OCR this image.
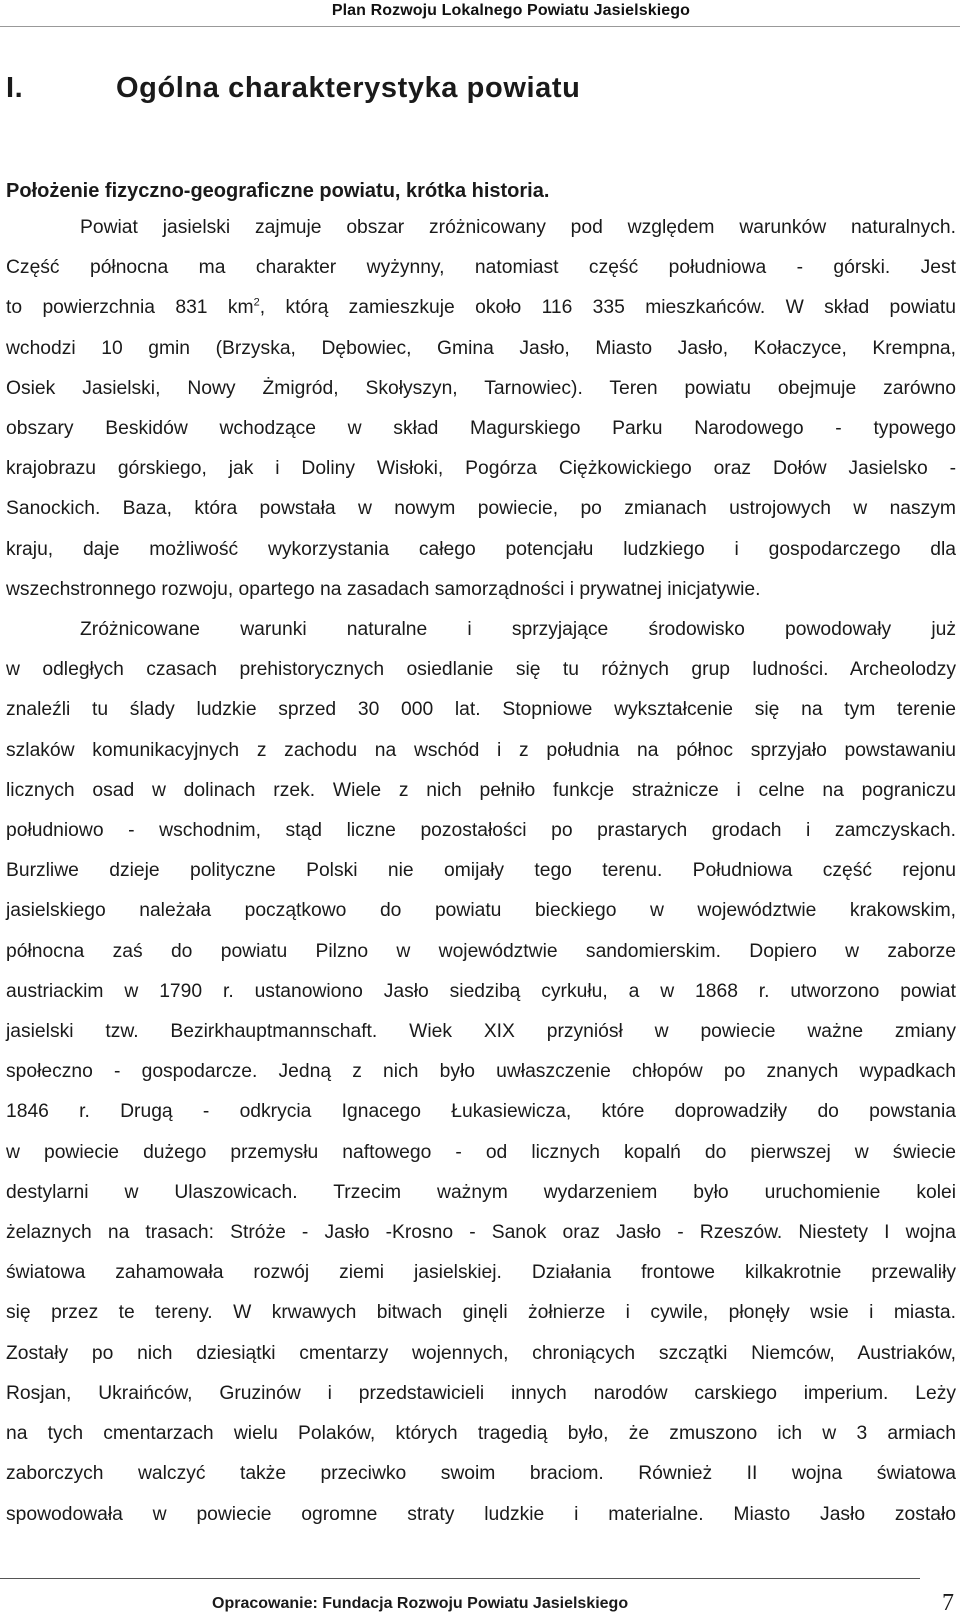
Plan Rozwoju Lokalnego Powiatu Jasielskiego
I.	Ogólna charakterystyka powiatu
Położenie fizyczno-geograficzne powiatu, krótka historia.

Powiat jasielski zajmuje obszar zróżnicowany pod względem warunków naturalnych.
Część północna ma charakter wyżynny, natomiast część południowa - górski. Jest
to powierzchnia 831 $km^2$, którą zamieszkuje około 116 335 mieszkańców. W skład powiatu
wchodzi 10 gmin (Brzyska, Dębowiec, Gmina Jasło, Miasto Jasło, Kołaczyce, Krempna,
Osiek Jasielski, Nowy Żmigród, Skołyszyn, Tarnowiec). Teren powiatu obejmuje zarówno
obszary Beskidów wchodzące w skład Magurskiego Parku Narodowego - typowego
krajobrazu górskiego, jak i Doliny Wisłoki, Pogórza Ciężkowickiego oraz Dołów Jasielsko -
Sanockich. Baza, która powstała w nowym powiecie, po zmianach ustrojowych w naszym
kraju, daje możliwość wykorzystania całego potencjału ludzkiego i gospodarczego dla
wszechstronnego rozwoju, opartego na zasadach samorządności i prywatnej inicjatywie.

Zróżnicowane warunki naturalne i sprzyjające środowisko powodowały już
w odległych czasach prehistorycznych osiedlanie się tu różnych grup ludności. Archeolodzy
znaleźli tu ślady ludzkie sprzed 30 000 lat. Stopniowe wykształcenie się na tym terenie
szlaków komunikacyjnych z zachodu na wschód i z południa na północ sprzyjało powstawaniu
licznych osad w dolinach rzek. Wiele z nich pełniło funkcje strażnicze i celne na pograniczu
południowo - wschodnim, stąd liczne pozostałości po prastarych grodach i zamczyskach.
Burzliwe dzieje polityczne Polski nie omijały tego terenu. Południowa część rejonu
jasielskiego należała początkowo do powiatu bieckiego w województwie krakowskim,
północna zaś do powiatu Pilzno w województwie sandomierskim. Dopiero w zaborze
austriackim w 1790 r. ustanowiono Jasło siedzibą cyrkułu, a w 1868 r. utworzono powiat
jasielski tzw. Bezirkhauptmannschaft. Wiek XIX przyniósł w powiecie ważne zmiany
społeczno - gospodarcze. Jedną z nich było uwłaszczenie chłopów po znanych wypadkach
1846 r. Drugą - odkrycia Ignacego Łukasiewicza, które doprowadziły do powstania
w powiecie dużego przemysłu naftowego - od licznych kopalń do pierwszej w świecie
destylarni w Ulaszowicach. Trzecim ważnym wydarzeniem było uruchomienie kolei
żelaznych na trasach: Stróże - Jasło -Krosno - Sanok oraz Jasło - Rzeszów. Niestety I wojna
światowa zahamowała rozwój ziemi jasielskiej. Działania frontowe kilkakrotnie przewaliły
się przez te tereny. W krwawych bitwach ginęli żołnierze i cywile, płonęły wsie i miasta.
Zostały po nich dziesiątki cmentarzy wojennych, chroniących szczątki Niemców, Austriaków,
Rosjan, Ukraińców, Gruzinów i przedstawicieli innych narodów carskiego imperium. Leży
na tych cmentarzach wielu Polaków, których tragedią było, że zmuszono ich w 3 armiach
zaborczych walczyć także przeciwko swoim braciom. Również II wojna światowa
spowodowała w powiecie ogromne straty ludzkie i materialne. Miasto Jasło zostało

Opracowanie: Fundacja Rozwoju Powiatu Jasielskiego	7
